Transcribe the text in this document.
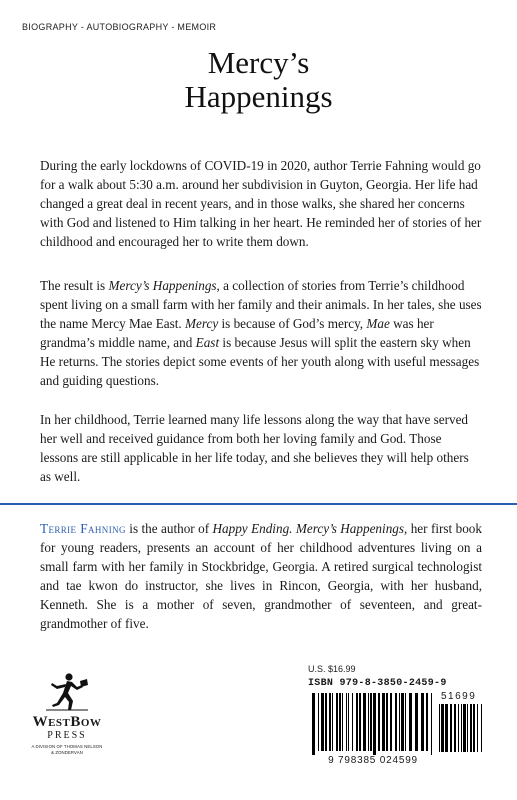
BIOGRAPHY - AUTOBIOGRAPHY - MEMOIR
Mercy’s
Happenings
During the early lockdowns of COVID-19 in 2020, author Terrie Fahning would go for a walk about 5:30 a.m. around her subdivision in Guyton, Georgia. Her life had changed a great deal in recent years, and in those walks, she shared her concerns with God and listened to Him talking in her heart. He reminded her of stories of her childhood and encouraged her to write them down.
The result is Mercy’s Happenings, a collection of stories from Terrie’s childhood spent living on a small farm with her family and their animals. In her tales, she uses the name Mercy Mae East. Mercy is because of God’s mercy, Mae was her grandma’s middle name, and East is because Jesus will split the eastern sky when He returns. The stories depict some events of her youth along with useful messages and guiding questions.
In her childhood, Terrie learned many life lessons along the way that have served her well and received guidance from both her loving family and God. Those lessons are still applicable in her life today, and she believes they will help others as well.
Terrie Fahning is the author of Happy Ending. Mercy’s Happenings, her first book for young readers, presents an account of her childhood adventures living on a small farm with her family in Stockbridge, Georgia. A retired surgical technologist and tae kwon do instructor, she lives in Rincon, Georgia, with her husband, Kenneth. She is a mother of seven, grandmother of seventeen, and great-grandmother of five.
WestBow
PRESS
A DIVISION OF THOMAS NELSON
& ZONDERVAN
U.S. $16.99
ISBN 979-8-3850-2459-9
51699
9 798385 024599
